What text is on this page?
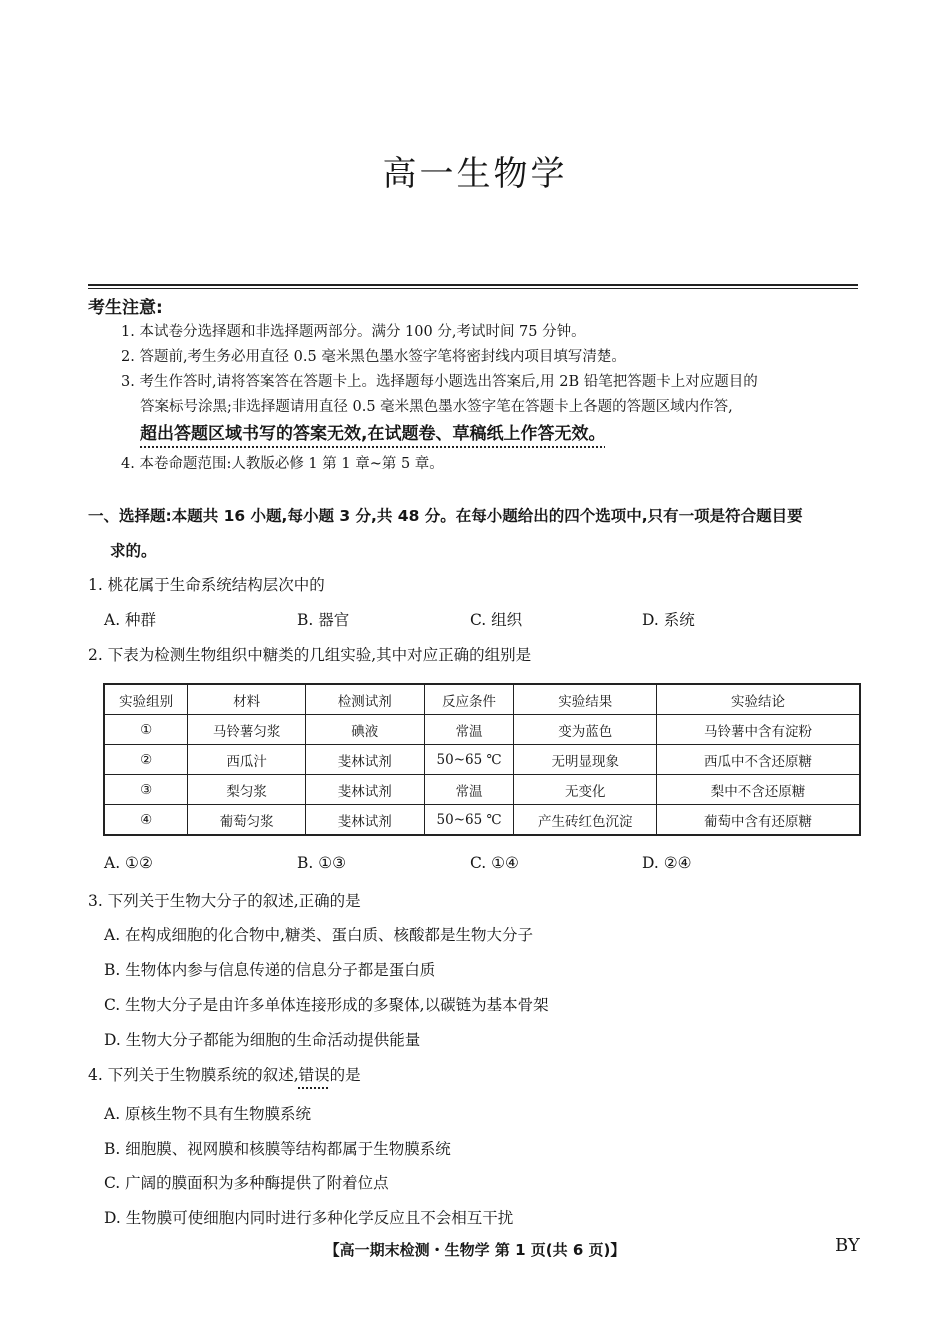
高一生物学
考生注意:
1. 本试卷分选择题和非选择题两部分。满分 100 分,考试时间 75 分钟。
2. 答题前,考生务必用直径 0.5 毫米黑色墨水签字笔将密封线内项目填写清楚。
3. 考生作答时,请将答案答在答题卡上。选择题每小题选出答案后,用 2B 铅笔把答题卡上对应题目的
答案标号涂黑;非选择题请用直径 0.5 毫米黑色墨水签字笔在答题卡上各题的答题区域内作答,
超出答题区域书写的答案无效,在试题卷、草稿纸上作答无效。
4. 本卷命题范围:人教版必修 1 第 1 章~第 5 章。
一、选择题:本题共 16 小题,每小题 3 分,共 48 分。在每小题给出的四个选项中,只有一项是符合题目要
求的。
1. 桃花属于生命系统结构层次中的
A. 种群	B. 器官	C. 组织	D. 系统
2. 下表为检测生物组织中糖类的几组实验,其中对应正确的组别是
实验组别	材料	检测试剂	反应条件	实验结果	实验结论
①	马铃薯匀浆	碘液	常温	变为蓝色	马铃薯中含有淀粉
②	西瓜汁	斐林试剂	50~65 ℃	无明显现象	西瓜中不含还原糖
③	梨匀浆	斐林试剂	常温	无变化	梨中不含还原糖
④	葡萄匀浆	斐林试剂	50~65 ℃	产生砖红色沉淀	葡萄中含有还原糖
A. ①②	B. ①③	C. ①④	D. ②④
3. 下列关于生物大分子的叙述,正确的是
A. 在构成细胞的化合物中,糖类、蛋白质、核酸都是生物大分子
B. 生物体内参与信息传递的信息分子都是蛋白质
C. 生物大分子是由许多单体连接形成的多聚体,以碳链为基本骨架
D. 生物大分子都能为细胞的生命活动提供能量
4. 下列关于生物膜系统的叙述,错误的是
A. 原核生物不具有生物膜系统
B. 细胞膜、视网膜和核膜等结构都属于生物膜系统
C. 广阔的膜面积为多种酶提供了附着位点
D. 生物膜可使细胞内同时进行多种化学反应且不会相互干扰
【高一期末检测・生物学 第 1 页(共 6 页)】	BY
